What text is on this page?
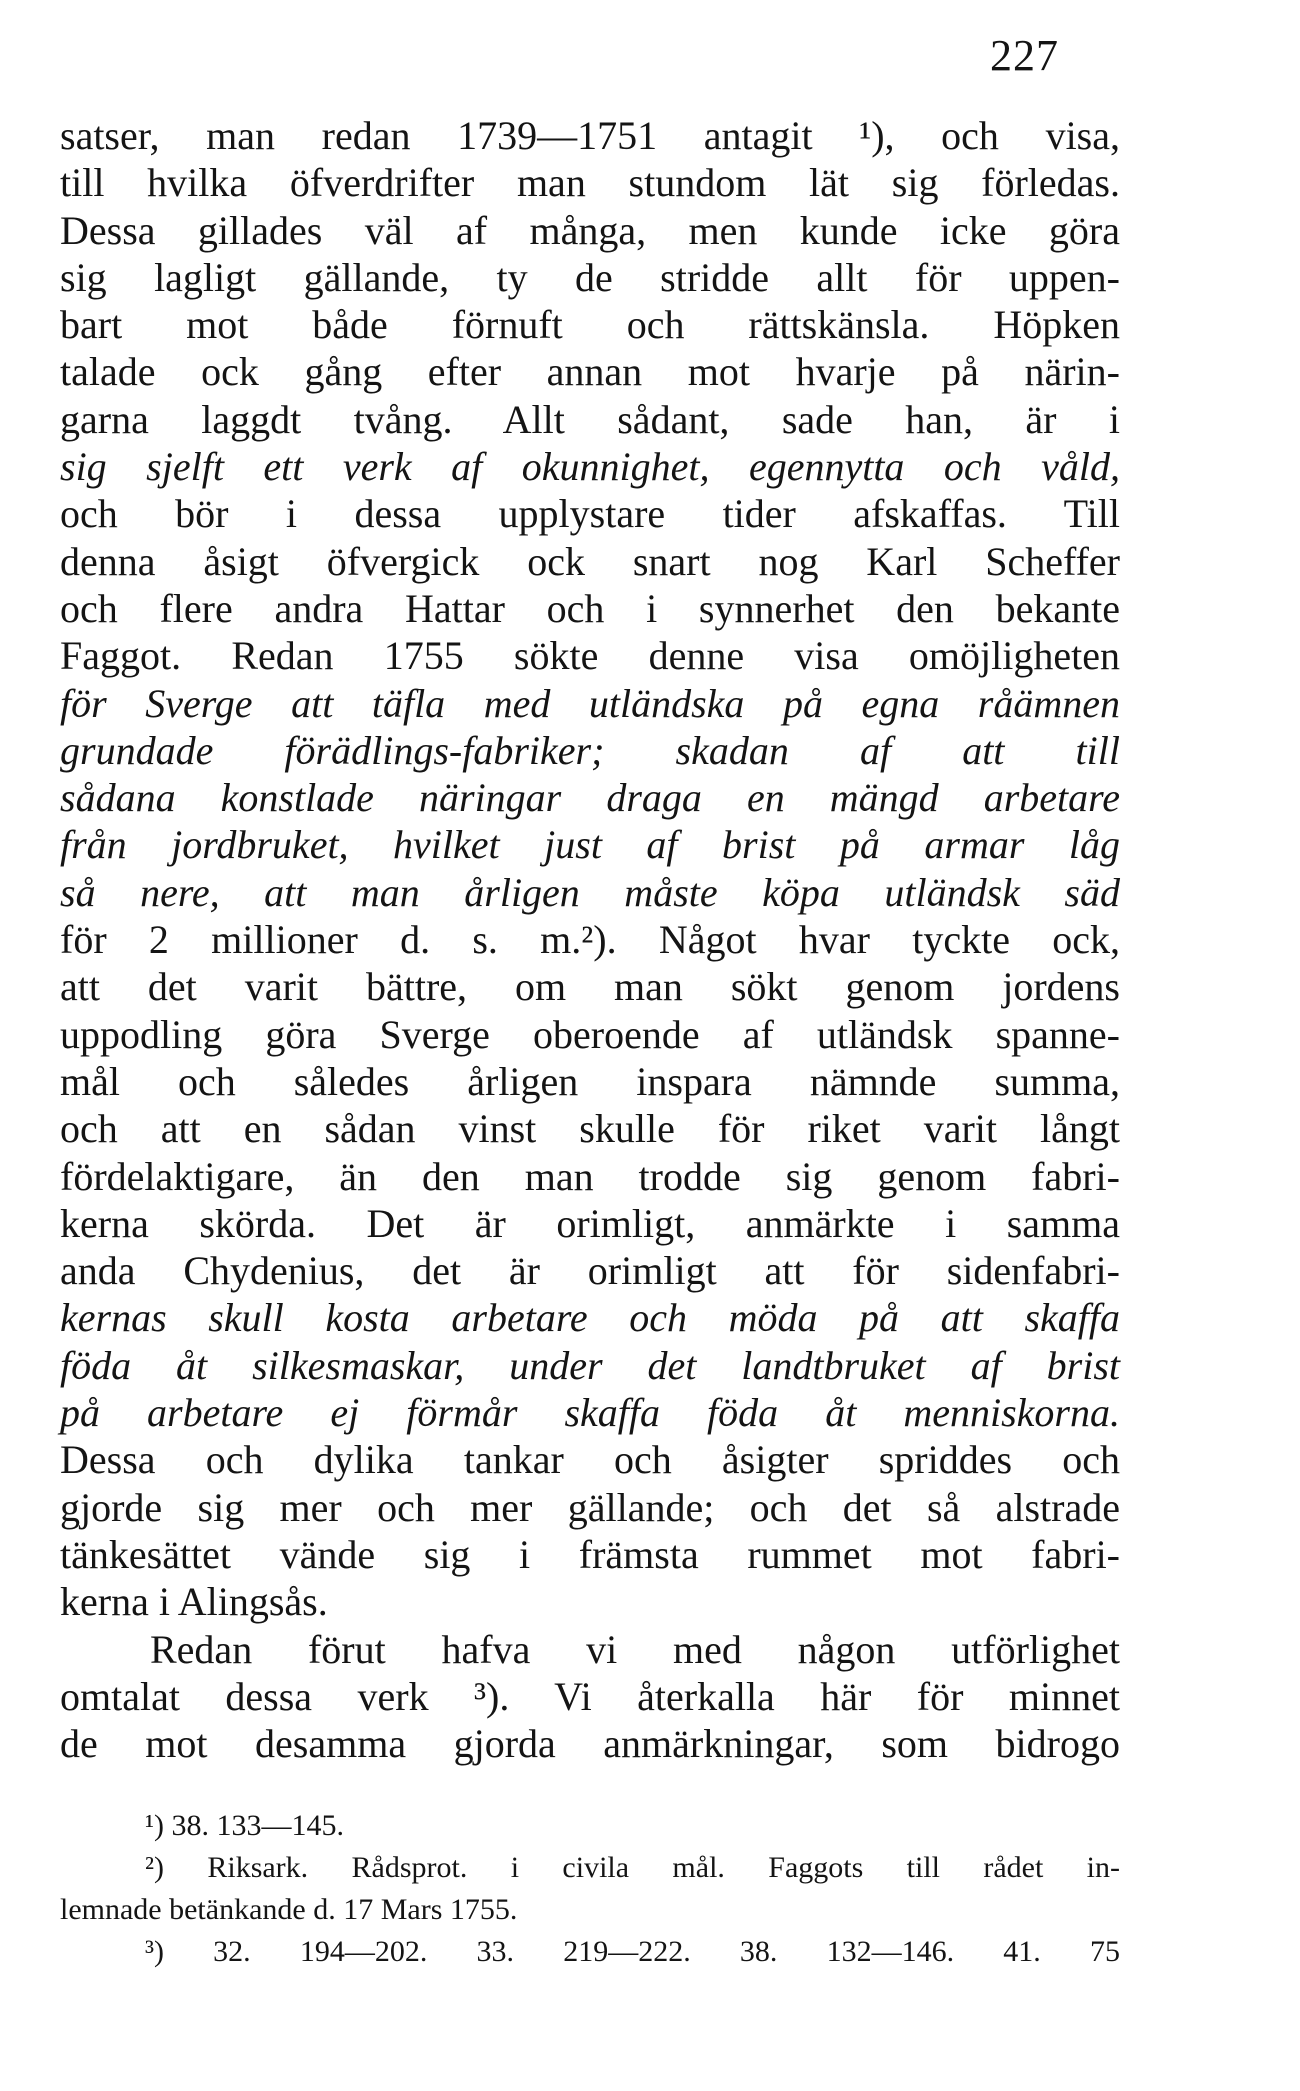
227
satser, man redan 1739—1751 antagit ¹), och visa,
till hvilka öfverdrifter man stundom lät sig förledas.
Dessa gillades väl af många, men kunde icke göra
sig lagligt gällande, ty de stridde allt för uppen-
bart mot både förnuft och rättskänsla. Höpken
talade ock gång efter annan mot hvarje på närin-
garna laggdt tvång. Allt sådant, sade han, är i
sig sjelft ett verk af okunnighet, egennytta och våld,
och bör i dessa upplystare tider afskaffas. Till
denna åsigt öfvergick ock snart nog Karl Scheffer
och flere andra Hattar och i synnerhet den bekante
Faggot. Redan 1755 sökte denne visa omöjligheten
för Sverge att täfla med utländska på egna råämnen
grundade förädlings-fabriker; skadan af att till
sådana konstlade näringar draga en mängd arbetare
från jordbruket, hvilket just af brist på armar låg
så nere, att man årligen måste köpa utländsk säd
för 2 millioner d. s. m.²). Något hvar tyckte ock,
att det varit bättre, om man sökt genom jordens
uppodling göra Sverge oberoende af utländsk spanne-
mål och således årligen inspara nämnde summa,
och att en sådan vinst skulle för riket varit långt
fördelaktigare, än den man trodde sig genom fabri-
kerna skörda. Det är orimligt, anmärkte i samma
anda Chydenius, det är orimligt att för sidenfabri-
kernas skull kosta arbetare och möda på att skaffa
föda åt silkesmaskar, under det landtbruket af brist
på arbetare ej förmår skaffa föda åt menniskorna.
Dessa och dylika tankar och åsigter spriddes och
gjorde sig mer och mer gällande; och det så alstrade
tänkesättet vände sig i främsta rummet mot fabri-
kerna i Alingsås.
Redan förut hafva vi med någon utförlighet
omtalat dessa verk ³). Vi återkalla här för minnet
de mot desamma gjorda anmärkningar, som bidrogo
¹) 38. 133—145.
²) Riksark. Rådsprot. i civila mål. Faggots till rådet in-
lemnade betänkande d. 17 Mars 1755.
³) 32. 194—202. 33. 219—222. 38. 132—146. 41. 75
